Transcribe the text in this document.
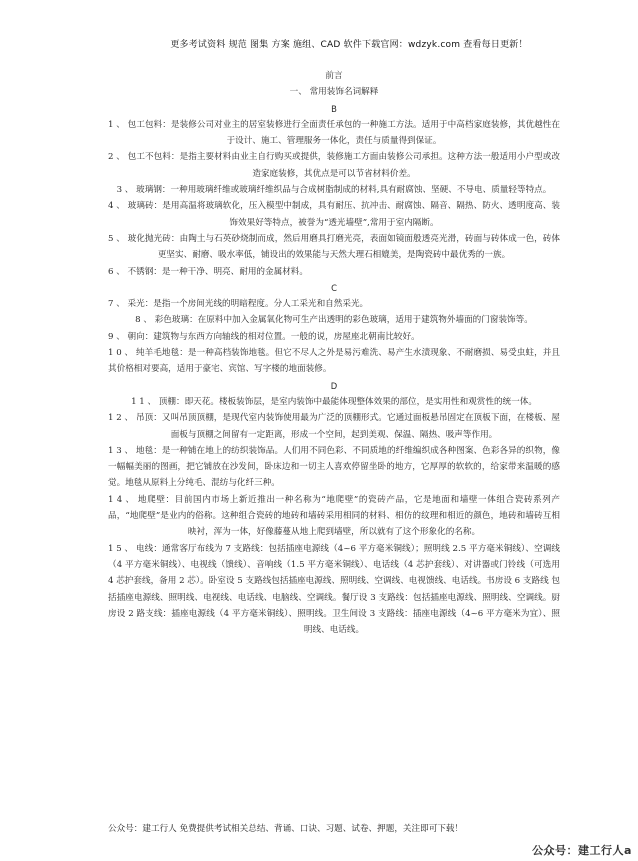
更多考试资料 规范 图集 方案 施组、CAD 软件下载官网：wdzyk.com 查看每日更新！
前言
一、 常用装饰名词解释
B

1 、 包工包料：是装修公司对业主的居室装修进行全面责任承包的一种施工方法。适用于中高档家庭装修，其优越性在于设计、施工、管理服务一体化，责任与质量得到保证。

2 、 包工不包料：是指主要材料由业主自行购买或提供，装修施工方面由装修公司承担。这种方法一般适用小户型或改造家庭装修，其优点是可以节省材料价差。

3 、 玻璃钢：一种用玻璃纤维或玻璃纤维织品与合成树脂制成的材料,具有耐腐蚀、坚硬、不导电、质量轻等特点。

4 、 玻璃砖：是用高温将玻璃软化，压入模型中制成，具有耐压、抗冲击、耐腐蚀、隔音、隔热、防火、透明度高、装饰效果好等特点，被誉为“透光墙壁”,常用于室内隔断。

5 、 玻化抛光砖：由陶土与石英砂烧制而成，然后用磨具打磨光亮，表面如镜面般透亮光滑，砖面与砖体成一色，砖体更坚实、耐磨、吸水率低，铺设出的效果能与天然大理石相媲美，是陶瓷砖中最优秀的一族。

6 、 不锈钢：是一种干净、明亮、耐用的金属材料。

C

7 、 采光：是指一个房间光线的明暗程度。分人工采光和自然采光。

8 、 彩色玻璃：在原料中加入金属氧化物可生产出透明的彩色玻璃，适用于建筑物外墙面的门窗装饰等。

9 、 朝向：建筑物与东西方向轴线的相对位置。一般的说，房屋座北朝南比较好。

1 0 、 纯羊毛地毯：是一种高档装饰地毯。但它不尽人之外是易污难洗、易产生水渍现象、不耐磨损、易受虫蛀，并且其价格相对要高，适用于豪宅、宾馆、写字楼的地面装修。

D

1 1 、 顶棚：即天花。楼板装饰层，是室内装饰中最能体现整体效果的部位，是实用性和观赏性的统一体。

1 2 、 吊顶：又叫吊顶顶棚，是现代室内装饰使用最为广泛的顶棚形式。它通过面板悬吊固定在顶板下面，在楼板、屋面板与顶棚之间留有一定距离，形成一个空间，起到美观、保温、隔热、吸声等作用。

1 3 、 地毯：是一种铺在地上的纺织装饰品。人们用不同色彩、不同质地的纤维编织成各种图案、色彩各异的织物，像一幅幅美丽的图画，把它铺放在沙发间，卧床边和一切主人喜欢停留坐卧的地方，它厚厚的软软的，给家带来温暖的感觉。地毯从原料上分纯毛、混纺与化纤三种。

1 4 、 地爬壁：目前国内市场上新近推出一种名称为“地爬壁”的瓷砖产品，它是地面和墙壁一体组合瓷砖系列产品，“地爬壁”是业内的俗称。这种组合瓷砖的地砖和墙砖采用相同的材料、相仿的纹理和相近的颜色，地砖和墙砖互相映衬，浑为一体，好像藤蔓从地上爬到墙壁，所以就有了这个形象化的名称。

1 5 、 电线：通常客厅布线为 7 支路线：包括插座电源线（4~6 平方毫米铜线）；照明线 2.5 平方毫米铜线）、空调线（4 平方毫米铜线）、电视线（馈线）、音响线（1.5 平方毫米铜线）、电话线（4 芯护套线）、对讲器或门铃线（可选用 4 芯护套线，备用 2 芯）。卧室设 5 支路线包括插座电源线、照明线、空调线、电视馈线、电话线。书房设 6 支路线 包括插座电源线、照明线、电视线、电话线、电脑线、空调线。餐厅设 3 支路线：包括插座电源线、照明线、空调线。厨房设 2 路支线：插座电源线（4 平方毫米铜线）、照明线。卫生间设 3 支路线：插座电源线（4~6 平方毫米为宜）、照明线、电话线。

公众号：建工行人 免费提供考试相关总结、背诵、口诀、习题、试卷、押题，关注即可下载！
公众号：建工行人a
